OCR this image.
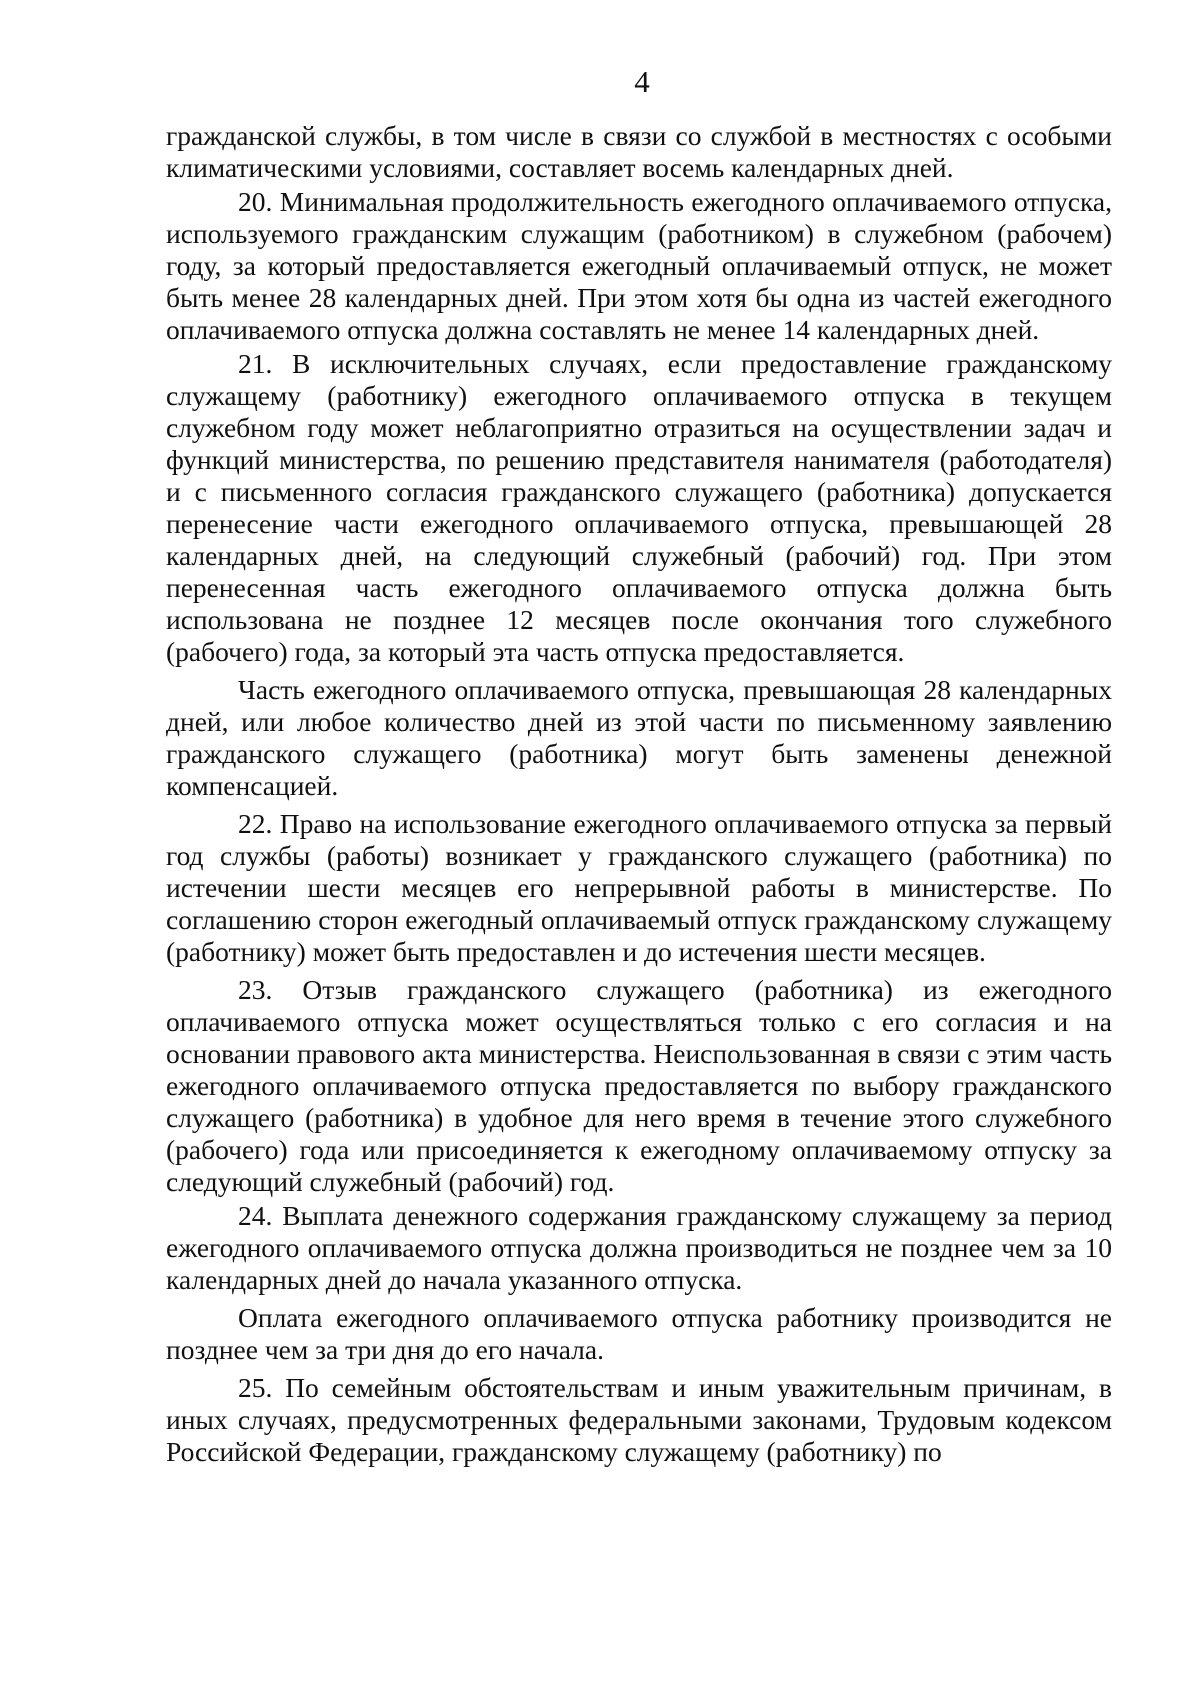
4

гражданской службы, в том числе в связи со службой в местностях с особыми климатическими условиями, составляет восемь календарных дней.

20. Минимальная продолжительность ежегодного оплачиваемого отпуска, используемого гражданским служащим (работником) в служебном (рабочем) году, за который предоставляется ежегодный оплачиваемый отпуск, не может быть менее 28 календарных дней. При этом хотя бы одна из частей ежегодного оплачиваемого отпуска должна составлять не менее 14 календарных дней.

21. В исключительных случаях, если предоставление гражданскому служащему (работнику) ежегодного оплачиваемого отпуска в текущем служебном году может неблагоприятно отразиться на осуществлении задач и функций министерства, по решению представителя нанимателя (работодателя) и с письменного согласия гражданского служащего (работника) допускается перенесение части ежегодного оплачиваемого отпуска, превышающей 28 календарных дней, на следующий служебный (рабочий) год. При этом перенесенная часть ежегодного оплачиваемого отпуска должна быть использована не позднее 12 месяцев после окончания того служебного (рабочего) года, за который эта часть отпуска предоставляется.

Часть ежегодного оплачиваемого отпуска, превышающая 28 календарных дней, или любое количество дней из этой части по письменному заявлению гражданского служащего (работника) могут быть заменены денежной компенсацией.

22. Право на использование ежегодного оплачиваемого отпуска за первый год службы (работы) возникает у гражданского служащего (работника) по истечении шести месяцев его непрерывной работы в министерстве. По соглашению сторон ежегодный оплачиваемый отпуск гражданскому служащему (работнику) может быть предоставлен и до истечения шести месяцев.

23. Отзыв гражданского служащего (работника) из ежегодного оплачиваемого отпуска может осуществляться только с его согласия и на основании правового акта министерства. Неиспользованная в связи с этим часть ежегодного оплачиваемого отпуска предоставляется по выбору гражданского служащего (работника) в удобное для него время в течение этого служебного (рабочего) года или присоединяется к ежегодному оплачиваемому отпуску за следующий служебный (рабочий) год.

24. Выплата денежного содержания гражданскому служащему за период ежегодного оплачиваемого отпуска должна производиться не позднее чем за 10 календарных дней до начала указанного отпуска.

Оплата ежегодного оплачиваемого отпуска работнику производится не позднее чем за три дня до его начала.

25. По семейным обстоятельствам и иным уважительным причинам, в иных случаях, предусмотренных федеральными законами, Трудовым кодексом Российской Федерации, гражданскому служащему (работнику) по
